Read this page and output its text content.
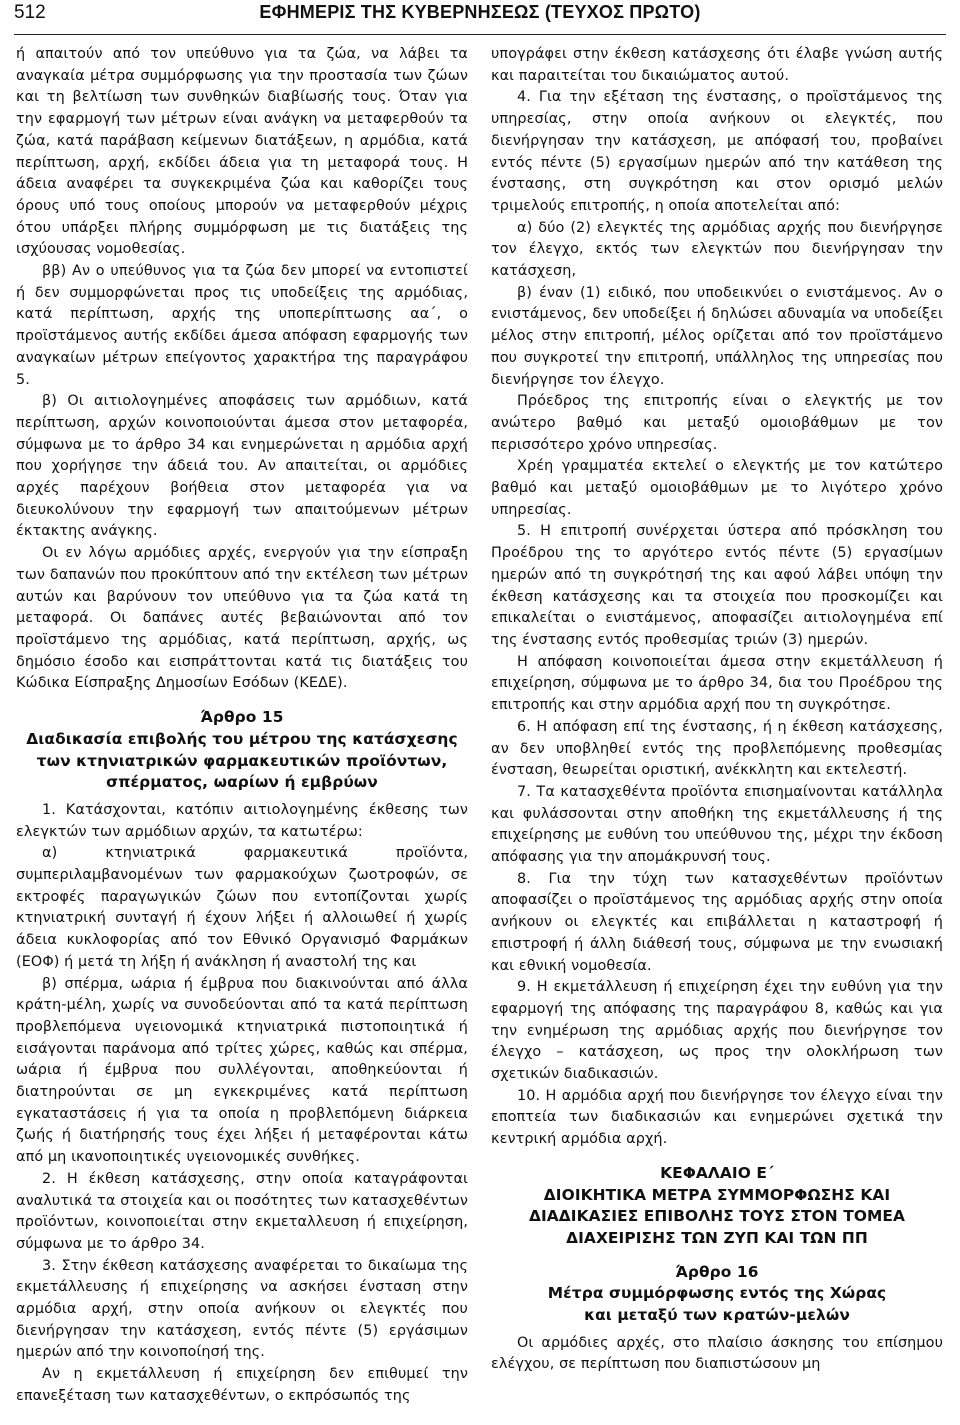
512	ΕΦΗΜΕΡΙΣ ΤΗΣ ΚΥΒΕΡΝΗΣΕΩΣ (ΤΕΥΧΟΣ ΠΡΩΤΟ)

ή απαιτούν από τον υπεύθυνο για τα ζώα, να λάβει τα αναγκαία μέτρα συμμόρφωσης για την προστασία των ζώων και τη βελτίωση των συνθηκών διαβίωσής τους. Όταν για την εφαρμογή των μέτρων είναι ανάγκη να μεταφερθούν τα ζώα, κατά παράβαση κείμενων διατάξεων, η αρμόδια, κατά περίπτωση, αρχή, εκδίδει άδεια για τη μεταφορά τους. Η άδεια αναφέρει τα συγκεκριμένα ζώα και καθορίζει τους όρους υπό τους οποίους μπορούν να μεταφερθούν μέχρις ότου υπάρξει πλήρης συμμόρφωση με τις διατάξεις της ισχύουσας νομοθεσίας.

ββ) Αν ο υπεύθυνος για τα ζώα δεν μπορεί να εντοπιστεί ή δεν συμμορφώνεται προς τις υποδείξεις της αρμόδιας, κατά περίπτωση, αρχής της υποπερίπτωσης αα΄, ο προϊστάμενος αυτής εκδίδει άμεσα απόφαση εφαρμογής των αναγκαίων μέτρων επείγοντος χαρακτήρα της παραγράφου 5.

β) Οι αιτιολογημένες αποφάσεις των αρμόδιων, κατά περίπτωση, αρχών κοινοποιούνται άμεσα στον μεταφορέα, σύμφωνα με το άρθρο 34 και ενημερώνεται η αρμόδια αρχή που χορήγησε την άδειά του. Αν απαιτείται, οι αρμόδιες αρχές παρέχουν βοήθεια στον μεταφορέα για να διευκολύνουν την εφαρμογή των απαιτούμενων μέτρων έκτακτης ανάγκης.

Οι εν λόγω αρμόδιες αρχές, ενεργούν για την είσπραξη των δαπανών που προκύπτουν από την εκτέλεση των μέτρων αυτών και βαρύνουν τον υπεύθυνο για τα ζώα κατά τη μεταφορά. Οι δαπάνες αυτές βεβαιώνονται από τον προϊστάμενο της αρμόδιας, κατά περίπτωση, αρχής, ως δημόσιο έσοδο και εισπράττονται κατά τις διατάξεις του Κώδικα Είσπραξης Δημοσίων Εσόδων (ΚΕΔΕ).

Άρθρο 15
Διαδικασία επιβολής του μέτρου της κατάσχεσης
των κτηνιατρικών φαρμακευτικών προϊόντων,
σπέρματος, ωαρίων ή εμβρύων

1. Κατάσχονται, κατόπιν αιτιολογημένης έκθεσης των ελεγκτών των αρμόδιων αρχών, τα κατωτέρω:

α) κτηνιατρικά φαρμακευτικά προϊόντα, συμπεριλαμβανομένων των φαρμακούχων ζωοτροφών, σε εκτροφές παραγωγικών ζώων που εντοπίζονται χωρίς κτηνιατρική συνταγή ή έχουν λήξει ή αλλοιωθεί ή χωρίς άδεια κυκλοφορίας από τον Εθνικό Οργανισμό Φαρμάκων (ΕΟΦ) ή μετά τη λήξη ή ανάκληση ή αναστολή της και

β) σπέρμα, ωάρια ή έμβρυα που διακινούνται από άλλα κράτη-μέλη, χωρίς να συνοδεύονται από τα κατά περίπτωση προβλεπόμενα υγειονομικά κτηνιατρικά πιστοποιητικά ή εισάγονται παράνομα από τρίτες χώρες, καθώς και σπέρμα, ωάρια ή έμβρυα που συλλέγονται, αποθηκεύονται ή διατηρούνται σε μη εγκεκριμένες κατά περίπτωση εγκαταστάσεις ή για τα οποία η προβλεπόμενη διάρκεια ζωής ή διατήρησής τους έχει λήξει ή μεταφέρονται κάτω από μη ικανοποιητικές υγειονομικές συνθήκες.

2. Η έκθεση κατάσχεσης, στην οποία καταγράφονται αναλυτικά τα στοιχεία και οι ποσότητες των κατασχεθέντων προϊόντων, κοινοποιείται στην εκμεταλλευση ή επιχείρηση, σύμφωνα με το άρθρο 34.

3. Στην έκθεση κατάσχεσης αναφέρεται το δικαίωμα της εκμετάλλευσης ή επιχείρησης να ασκήσει ένσταση στην αρμόδια αρχή, στην οποία ανήκουν οι ελεγκτές που διενήργησαν την κατάσχεση, εντός πέντε (5) εργάσιμων ημερών από την κοινοποίησή της.

Αν η εκμετάλλευση ή επιχείρηση δεν επιθυμεί την επανεξέταση των κατασχεθέντων, ο εκπρόσωπός της

υπογράφει στην έκθεση κατάσχεσης ότι έλαβε γνώση αυτής και παραιτείται του δικαιώματος αυτού.

4. Για την εξέταση της ένστασης, ο προϊστάμενος της υπηρεσίας, στην οποία ανήκουν οι ελεγκτές, που διενήργησαν την κατάσχεση, με απόφασή του, προβαίνει εντός πέντε (5) εργασίμων ημερών από την κατάθεση της ένστασης, στη συγκρότηση και στον ορισμό μελών τριμελούς επιτροπής, η οποία αποτελείται από:

α) δύο (2) ελεγκτές της αρμόδιας αρχής που διενήργησε τον έλεγχο, εκτός των ελεγκτών που διενήργησαν την κατάσχεση,

β) έναν (1) ειδικό, που υποδεικνύει ο ενιστάμενος. Αν ο ενιστάμενος, δεν υποδείξει ή δηλώσει αδυναμία να υποδείξει μέλος στην επιτροπή, μέλος ορίζεται από τον προϊστάμενο που συγκροτεί την επιτροπή, υπάλληλος της υπηρεσίας που διενήργησε τον έλεγχο.

Πρόεδρος της επιτροπής είναι ο ελεγκτής με τον ανώτερο βαθμό και μεταξύ ομοιοβάθμων με τον περισσότερο χρόνο υπηρεσίας.

Χρέη γραμματέα εκτελεί ο ελεγκτής με τον κατώτερο βαθμό και μεταξύ ομοιοβάθμων με το λιγότερο χρόνο υπηρεσίας.

5. Η επιτροπή συνέρχεται ύστερα από πρόσκληση του Προέδρου της το αργότερο εντός πέντε (5) εργασίμων ημερών από τη συγκρότησή της και αφού λάβει υπόψη την έκθεση κατάσχεσης και τα στοιχεία που προσκομίζει και επικαλείται ο ενιστάμενος, αποφασίζει αιτιολογημένα επί της ένστασης εντός προθεσμίας τριών (3) ημερών.

Η απόφαση κοινοποιείται άμεσα στην εκμετάλλευση ή επιχείρηση, σύμφωνα με το άρθρο 34, δια του Προέδρου της επιτροπής και στην αρμόδια αρχή που τη συγκρότησε.

6. Η απόφαση επί της ένστασης, ή η έκθεση κατάσχεσης, αν δεν υποβληθεί εντός της προβλεπόμενης προθεσμίας ένσταση, θεωρείται οριστική, ανέκκλητη και εκτελεστή.

7. Τα κατασχεθέντα προϊόντα επισημαίνονται κατάλληλα και φυλάσσονται στην αποθήκη της εκμετάλλευσης ή της επιχείρησης με ευθύνη του υπεύθυνου της, μέχρι την έκδοση απόφασης για την απομάκρυνσή τους.

8. Για την τύχη των κατασχεθέντων προϊόντων αποφασίζει ο προϊστάμενος της αρμόδιας αρχής στην οποία ανήκουν οι ελεγκτές και επιβάλλεται η καταστροφή ή επιστροφή ή άλλη διάθεσή τους, σύμφωνα με την ενωσιακή και εθνική νομοθεσία.

9. Η εκμετάλλευση ή επιχείρηση έχει την ευθύνη για την εφαρμογή της απόφασης της παραγράφου 8, καθώς και για την ενημέρωση της αρμόδιας αρχής που διενήργησε τον έλεγχο – κατάσχεση, ως προς την ολοκλήρωση των σχετικών διαδικασιών.

10. Η αρμόδια αρχή που διενήργησε τον έλεγχο είναι την εποπτεία των διαδικασιών και ενημερώνει σχετικά την κεντρική αρμόδια αρχή.

ΚΕΦΑΛΑΙΟ Ε΄
ΔΙΟΙΚΗΤΙΚΑ ΜΕΤΡΑ ΣΥΜΜΟΡΦΩΣΗΣ ΚΑΙ
ΔΙΑΔΙΚΑΣΙΕΣ ΕΠΙΒΟΛΗΣ ΤΟΥΣ ΣΤΟΝ ΤΟΜΕΑ
ΔΙΑΧΕΙΡΙΣΗΣ ΤΩΝ ΖΥΠ ΚΑΙ ΤΩΝ ΠΠ
Άρθρο 16
Μέτρα συμμόρφωσης εντός της Χώρας
και μεταξύ των κρατών-μελών

Οι αρμόδιες αρχές, στο πλαίσιο άσκησης του επίσημου ελέγχου, σε περίπτωση που διαπιστώσουν μη
